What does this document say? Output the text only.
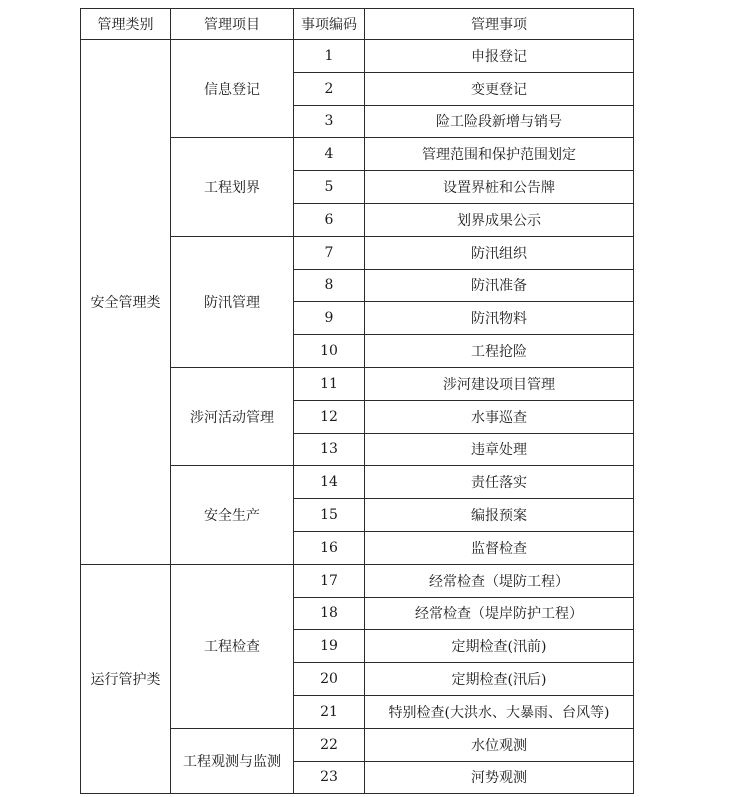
管理类别	管理项目	事项编码	管理事项
安全管理类	信息登记	1	申报登记
		2	变更登记
		3	险工险段新增与销号
	工程划界	4	管理范围和保护范围划定
		5	设置界桩和公告牌
		6	划界成果公示
	防汛管理	7	防汛组织
		8	防汛准备
		9	防汛物料
		10	工程抢险
	涉河活动管理	11	涉河建设项目管理
		12	水事巡查
		13	违章处理
	安全生产	14	责任落实
		15	编报预案
		16	监督检查
运行管护类	工程检查	17	经常检查（堤防工程）
		18	经常检查（堤岸防护工程）
		19	定期检查(汛前)
		20	定期检查(汛后)
		21	特别检查(大洪水、大暴雨、台风等)
	工程观测与监测	22	水位观测
		23	河势观测
